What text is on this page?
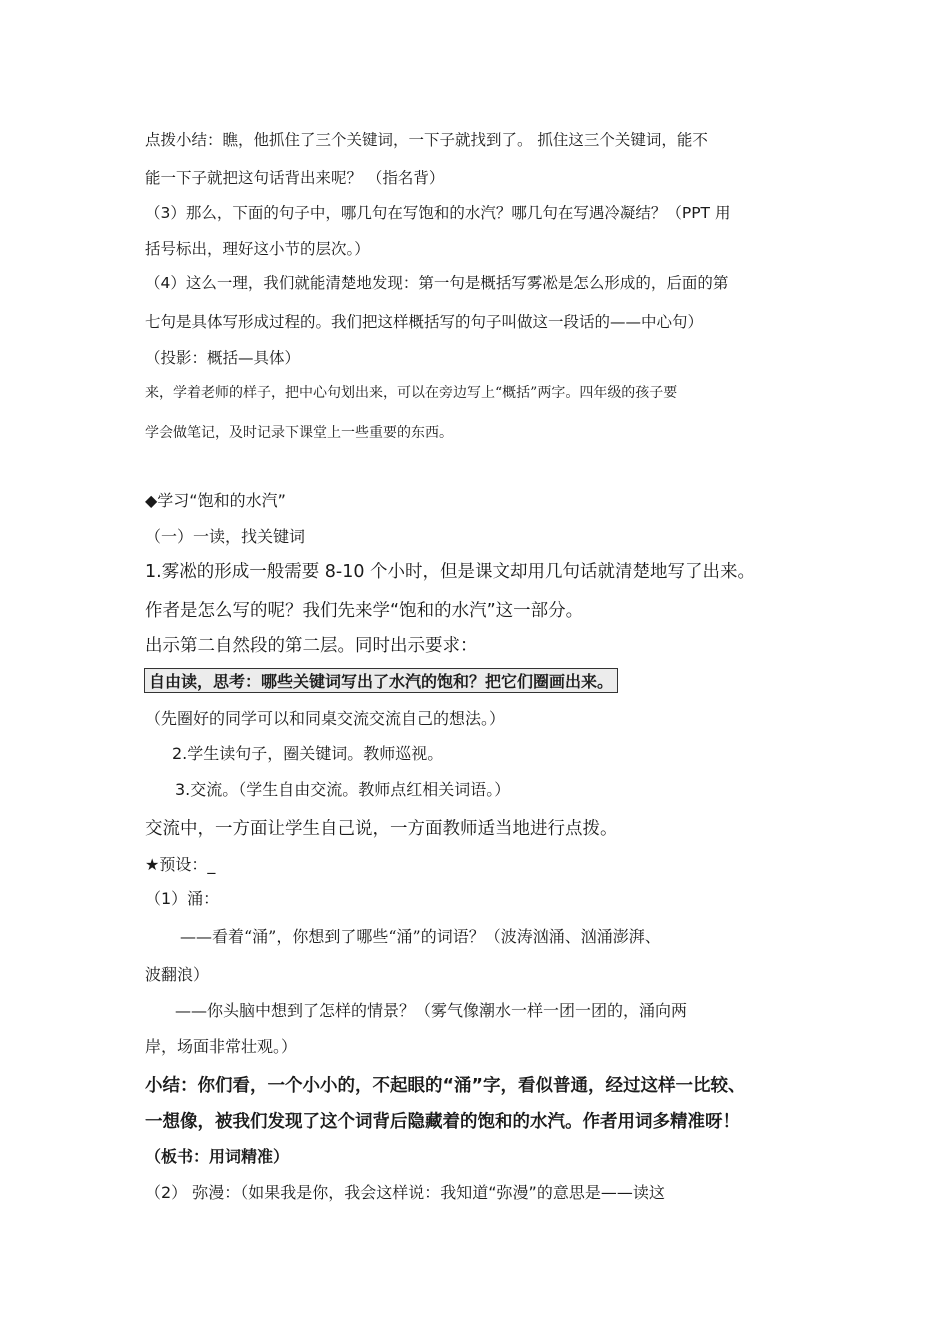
点拨小结：瞧，他抓住了三个关键词，一下子就找到了。 抓住这三个关键词，能不

能一下子就把这句话背出来呢？ （指名背）

（3）那么，下面的句子中，哪几句在写饱和的水汽？哪几句在写遇冷凝结？（PPT 用

括号标出，理好这小节的层次。）

（4）这么一理，我们就能清楚地发现：第一句是概括写雾凇是怎么形成的，后面的第

七句是具体写形成过程的。我们把这样概括写的句子叫做这一段话的——中心句）

（投影：概括—具体）

来，学着老师的样子，把中心句划出来，可以在旁边写上“概括”两字。四年级的孩子要

学会做笔记，及时记录下课堂上一些重要的东西。

◆学习“饱和的水汽”

（一）一读，找关键词

1.雾凇的形成一般需要 8-10 个小时，但是课文却用几句话就清楚地写了出来。

作者是怎么写的呢？我们先来学“饱和的水汽”这一部分。

出示第二自然段的第二层。同时出示要求：

自由读，思考：哪些关键词写出了水汽的饱和？把它们圈画出来。

（先圈好的同学可以和同桌交流交流自己的想法。）

2.学生读句子，圈关键词。教师巡视。

3.交流。（学生自由交流。教师点红相关词语。）

交流中，一方面让学生自己说，一方面教师适当地进行点拨。

★预设：_

（1）涌：

——看着“涌”，你想到了哪些“涌”的词语？（波涛汹涌、汹涌澎湃、

波翻浪）

——你头脑中想到了怎样的情景？（雾气像潮水一样一团一团的，涌向两

岸，场面非常壮观。）

小结：你们看，一个小小的，不起眼的“涌”字，看似普通，经过这样一比较、

一想像，被我们发现了这个词背后隐藏着的饱和的水汽。作者用词多精准呀！

（板书：用词精准）

（2） 弥漫：（如果我是你，我会这样说：我知道“弥漫”的意思是——读这
